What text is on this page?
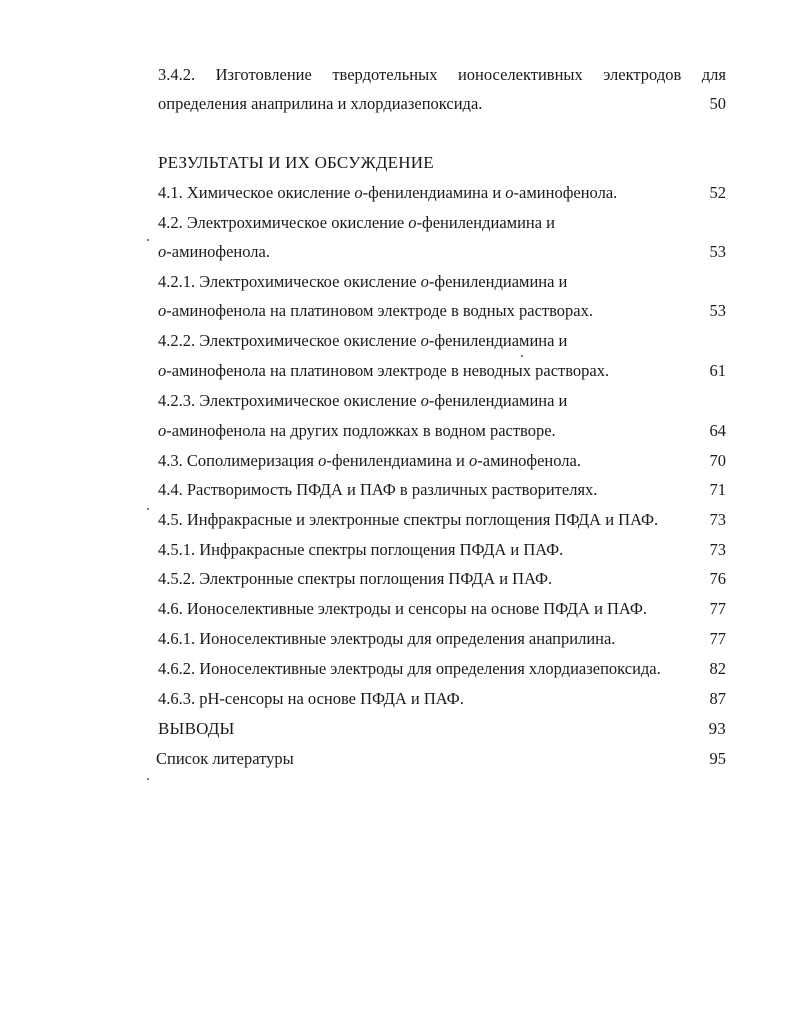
3.4.2. Изготовление твердотельных ионоселективных электродов для
определения анаприлина и хлордиазепоксида.	50
РЕЗУЛЬТАТЫ И ИХ ОБСУЖДЕНИЕ
4.1. Химическое окисление о-фенилендиамина и о-аминофенола.	52
4.2. Электрохимическое окисление о-фенилендиамина и
о-аминофенола.	53
4.2.1. Электрохимическое окисление о-фенилендиамина и
о-аминофенола на платиновом электроде в водных растворах.	53
4.2.2. Электрохимическое окисление о-фенилендиамина и
о-аминофенола на платиновом электроде в неводных растворах.	61
4.2.3. Электрохимическое окисление о-фенилендиамина и
о-аминофенола на других подложках в водном растворе.	64
4.3. Сополимеризация о-фенилендиамина и о-аминофенола.	70
4.4. Растворимость ПФДА и ПАФ в различных растворителях.	71
4.5. Инфракрасные и электронные спектры поглощения ПФДА и ПАФ.	73
4.5.1. Инфракрасные спектры поглощения ПФДА и ПАФ.	73
4.5.2. Электронные спектры поглощения ПФДА и ПАФ.	76
4.6. Ионоселективные электроды и сенсоры на основе ПФДА и ПАФ.	77
4.6.1. Ионоселективные электроды для определения анаприлина.	77
4.6.2. Ионоселективные электроды для определения хлордиазепоксида.	82
4.6.3. рН-сенсоры на основе ПФДА и ПАФ.	87
ВЫВОДЫ	93
Список литературы	95
